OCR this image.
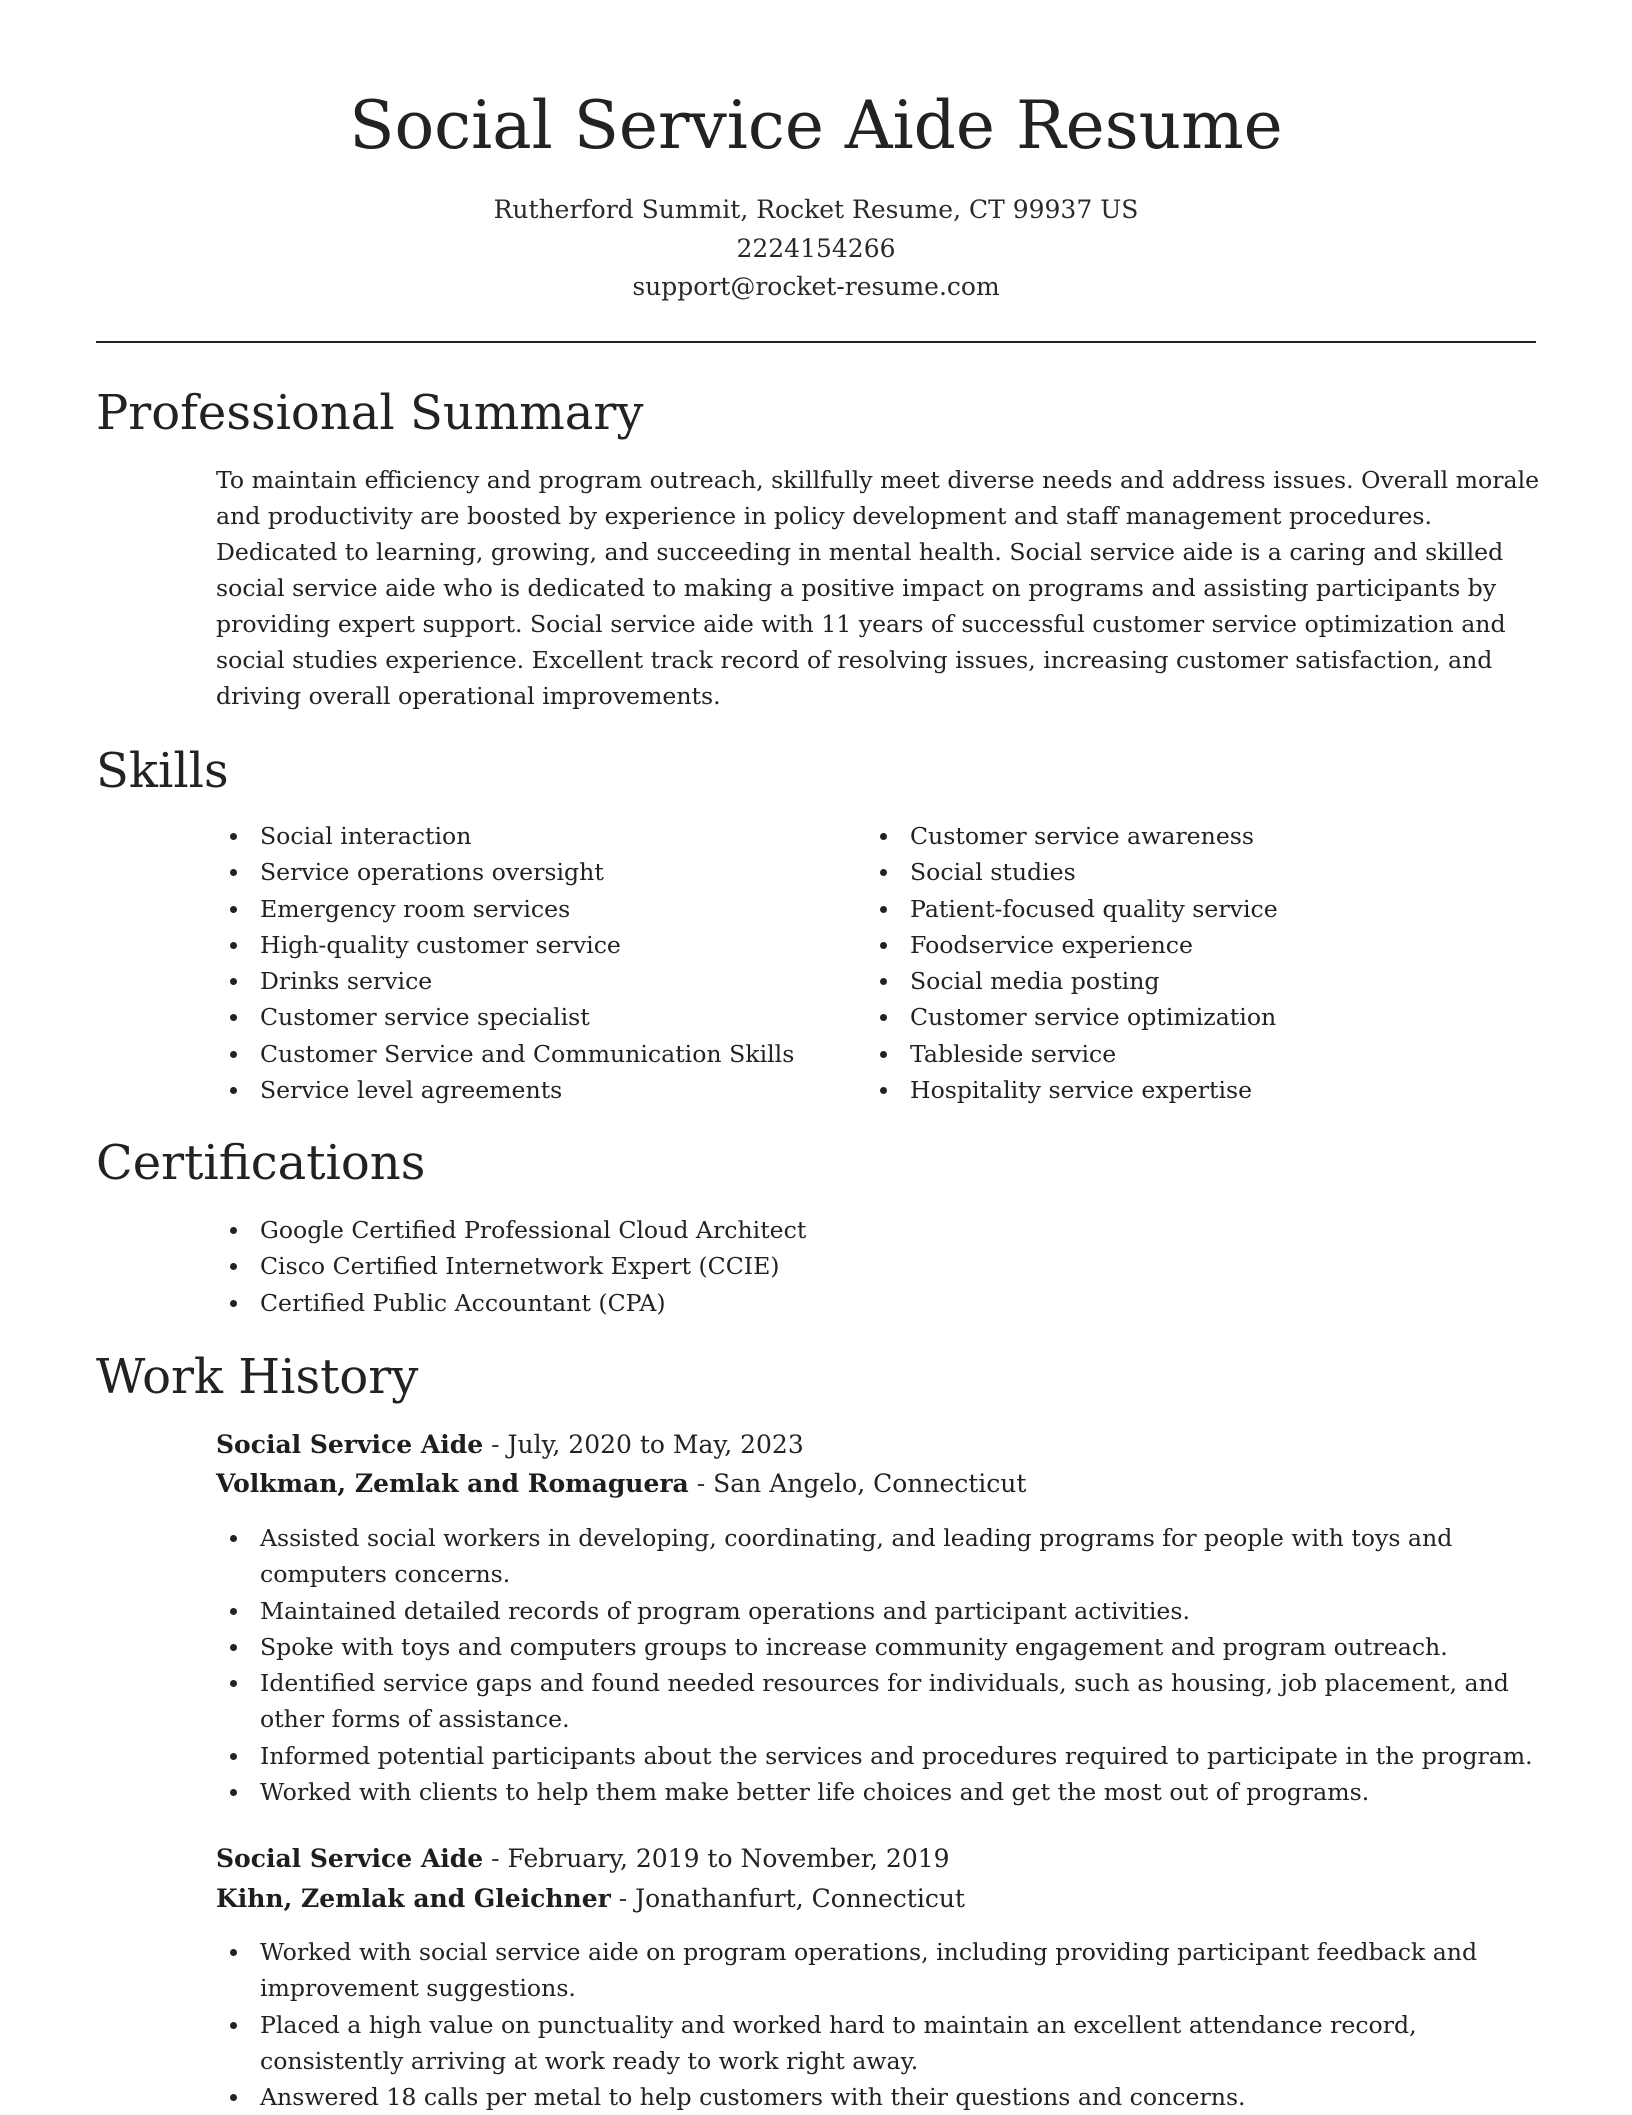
Social Service Aide Resume
Rutherford Summit, Rocket Resume, CT 99937 US
2224154266
support@rocket-resume.com
Professional Summary

To maintain efficiency and program outreach, skillfully meet diverse needs and address issues. Overall morale and productivity are boosted by experience in policy development and staff management procedures. Dedicated to learning, growing, and succeeding in mental health. Social service aide is a caring and skilled social service aide who is dedicated to making a positive impact on programs and assisting participants by providing expert support. Social service aide with 11 years of successful customer service optimization and social studies experience. Excellent track record of resolving issues, increasing customer satisfaction, and driving overall operational improvements.

Skills
Social interaction
Service operations oversight
Emergency room services
High-quality customer service
Drinks service
Customer service specialist
Customer Service and Communication Skills
Service level agreements
Customer service awareness
Social studies
Patient-focused quality service
Foodservice experience
Social media posting
Customer service optimization
Tableside service
Hospitality service expertise
Certifications
Google Certified Professional Cloud Architect
Cisco Certified Internetwork Expert (CCIE)
Certified Public Accountant (CPA)
Work History
Social Service Aide - July, 2020 to May, 2023
Volkman, Zemlak and Romaguera - San Angelo, Connecticut
Assisted social workers in developing, coordinating, and leading programs for people with toys and computers concerns.
Maintained detailed records of program operations and participant activities.
Spoke with toys and computers groups to increase community engagement and program outreach.
Identified service gaps and found needed resources for individuals, such as housing, job placement, and other forms of assistance.
Informed potential participants about the services and procedures required to participate in the program.
Worked with clients to help them make better life choices and get the most out of programs.
Social Service Aide - February, 2019 to November, 2019
Kihn, Zemlak and Gleichner - Jonathanfurt, Connecticut
Worked with social service aide on program operations, including providing participant feedback and improvement suggestions.
Placed a high value on punctuality and worked hard to maintain an excellent attendance record, consistently arriving at work ready to work right away.
Answered 18 calls per metal to help customers with their questions and concerns.
